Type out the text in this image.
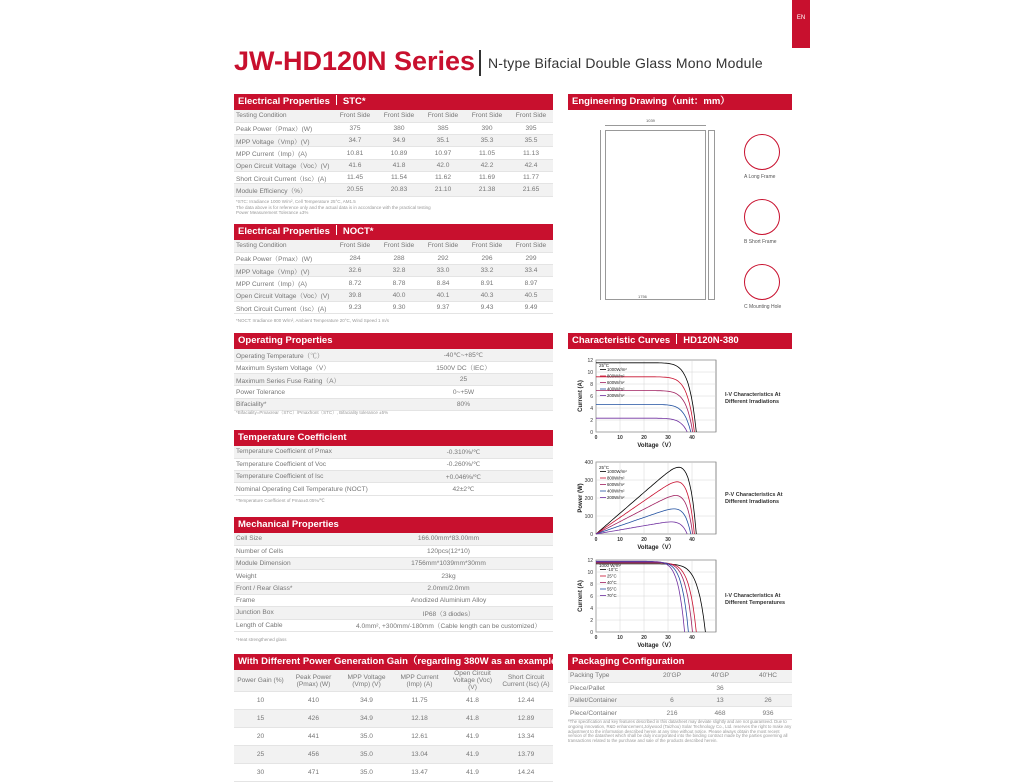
EN
JW-HD120N Series N-type Bifacial Double Glass Mono Module
Electrical Properties STC*
Testing Condition	Front Side	Front Side	Front Side	Front Side	Front Side
Peak Power（Pmax）(W)	375	380	385	390	395
MPP Voltage（Vmp）(V)	34.7	34.9	35.1	35.3	35.5
MPP Current（Imp）(A)	10.81	10.89	10.97	11.05	11.13
Open Circuit Voltage（Voc）(V)	41.6	41.8	42.0	42.2	42.4
Short Circuit Current（Isc）(A)	11.45	11.54	11.62	11.69	11.77
Module Efficiency（%）	20.55	20.83	21.10	21.38	21.65
*STC: Irradiance 1000 W/m², Cell Temperature 25°C, AM1.5
The data above is for reference only and the actual data is in accordance with the practical testing
Power Measurement Tolerance ±3%
Electrical Properties NOCT*
Testing Condition	Front Side	Front Side	Front Side	Front Side	Front Side
Peak Power（Pmax）(W)	284	288	292	296	299
MPP Voltage（Vmp）(V)	32.6	32.8	33.0	33.2	33.4
MPP Current（Imp）(A)	8.72	8.78	8.84	8.91	8.97
Open Circuit Voltage（Voc）(V)	39.8	40.0	40.1	40.3	40.5
Short Circuit Current（Isc）(A)	9.23	9.30	9.37	9.43	9.49
*NOCT: Irradiance 800 W/m², Ambient Temperature 20°C, Wind Speed 1 m/s
Operating Properties
Operating Temperature（℃）	-40℃~+85℃
Maximum System Voltage（V）	1500V DC（IEC）
Maximum Series Fuse Rating（A）	25
Power Tolerance	0~+5W
Bifaciality*	80%
*Bifaciality=Pmaxrear（STC）/Pmaxfront（STC）, Bifaciality tolerance ±5%
Temperature Coefficient
Temperature Coefficient of Pmax	-0.310%/℃
Temperature Coefficient of Voc	-0.260%/℃
Temperature Coefficient of Isc	+0.046%/℃
Nominal Operating Cell Temperature (NOCT)	42±2℃
*Temperature Coefficient of Pmax±0.05%/℃
Mechanical Properties
Cell Size	166.00mm*83.00mm
Number of Cells	120pcs(12*10)
Module Dimension	1756mm*1039mm*30mm
Weight	23kg
Front / Rear Glass*	2.0mm/2.0mm
Frame	Anodized Aluminium Alloy
Junction Box	IP68（3 diodes）
Length of Cable	4.0mm², +300mm/-180mm（Cable length can be customized）
*Heat strengthened glass
With Different Power Generation Gain（regarding 380W as an example）
Power Gain (%)	Peak Power (Pmax) (W)	MPP Voltage (Vmp) (V)	MPP Current (Imp) (A)	Open Circuit Voltage (Voc) (V)	Short Circuit Current (Isc) (A)
10	410	34.9	11.75	41.8	12.44
15	426	34.9	12.18	41.8	12.89
20	441	35.0	12.61	41.9	13.34
25	456	35.0	13.04	41.9	13.79
30	471	35.0	13.47	41.9	14.24
Engineering Drawing（unit：mm）
1039
1756
A Long Frame
B Short Frame
C Mounting Hole
Characteristic Curves HD120N-380
0
2
4
6
8
10
12
0	10	20	30	40
Voltage（V）
Current (A)
25°C
1000W/m²
800W/m²
600W/m²
400W/m²
200W/m²	I-V Characteristics At Different Irradiations
0
100
200
300
400
0	10	20	30	40
Voltage（V）
Power (W)
25°C
1000W/m²
800W/m²
600W/m²
400W/m²
200W/m²	P-V Characteristics At Different Irradiations
0
2
4
6
8
10
12
0	10	20	30	40
Voltage（V）
Current (A)
1000 W/m²
-10°C
25°C
40°C
55°C
70°C	I-V Characteristics At Different Temperatures
Packaging Configuration
Packing Type	20'GP	40'GP	40'HC
Piece/Pallet		36	
Pallet/Container	6	13	26
Piece/Container	216	468	936
*The specification and key features described in this datasheet may deviate slightly and are not guaranteed. Due to ongoing innovation, R&D enhancement,Jolywood (Taizhou) Solar Technology Co., Ltd. reserves the right to make any adjustment to the information described herein at any time without notice. Please always obtain the most recent version of the datasheet which shall be duly incorporated into the binding contract made by the parties governing all transactions related to the purchase and sale of the products described herein.
